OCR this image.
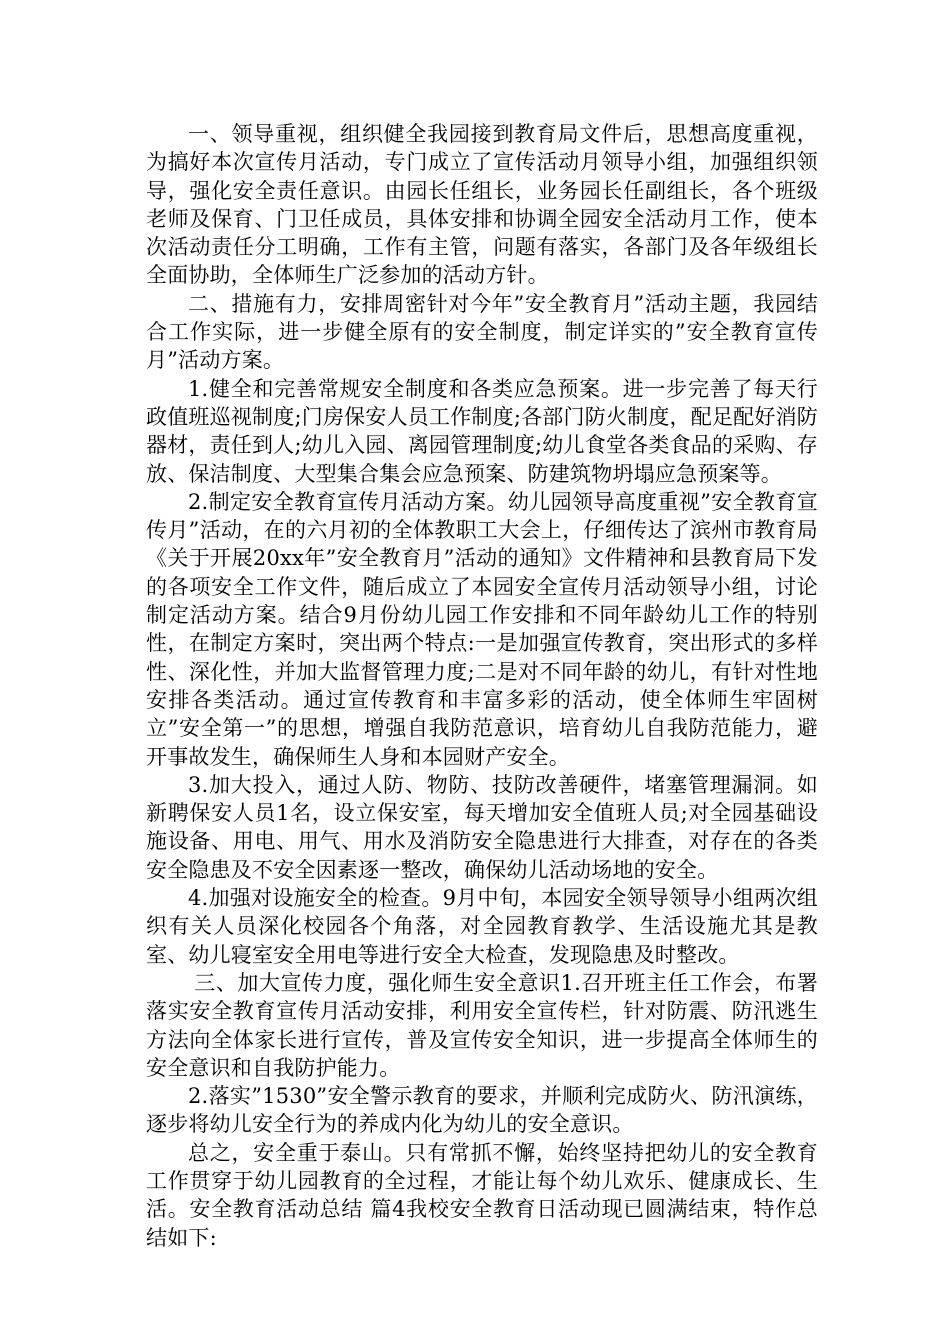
一、领导重视，组织健全我园接到教育局文件后，思想高度重视，为搞好本次宣传月活动，专门成立了宣传活动月领导小组，加强组织领导，强化安全责任意识。由园长任组长，业务园长任副组长，各个班级老师及保育、门卫任成员，具体安排和协调全园安全活动月工作，使本次活动责任分工明确，工作有主管，问题有落实，各部门及各年级组长全面协助，全体师生广泛参加的活动方针。

二、措施有力，安排周密针对今年”安全教育月”活动主题，我园结合工作实际，进一步健全原有的安全制度，制定详实的”安全教育宣传月”活动方案。

1.健全和完善常规安全制度和各类应急预案。进一步完善了每天行政值班巡视制度;门房保安人员工作制度;各部门防火制度，配足配好消防器材，责任到人;幼儿入园、离园管理制度;幼儿食堂各类食品的采购、存放、保洁制度、大型集合集会应急预案、防建筑物坍塌应急预案等。

2.制定安全教育宣传月活动方案。幼儿园领导高度重视”安全教育宣传月”活动，在的六月初的全体教职工大会上，仔细传达了滨州市教育局《关于开展20xx年”安全教育月”活动的通知》文件精神和县教育局下发的各项安全工作文件，随后成立了本园安全宣传月活动领导小组，讨论制定活动方案。结合9月份幼儿园工作安排和不同年龄幼儿工作的特别性，在制定方案时，突出两个特点:一是加强宣传教育，突出形式的多样性、深化性，并加大监督管理力度;二是对不同年龄的幼儿，有针对性地安排各类活动。通过宣传教育和丰富多彩的活动，使全体师生牢固树立”安全第一”的思想，增强自我防范意识，培育幼儿自我防范能力，避开事故发生，确保师生人身和本园财产安全。

3.加大投入，通过人防、物防、技防改善硬件，堵塞管理漏洞。如新聘保安人员1名，设立保安室，每天增加安全值班人员;对全园基础设施设备、用电、用气、用水及消防安全隐患进行大排查，对存在的各类安全隐患及不安全因素逐一整改，确保幼儿活动场地的安全。

4.加强对设施安全的检查。9月中旬，本园安全领导领导小组两次组织有关人员深化校园各个角落，对全园教育教学、生活设施尤其是教室、幼儿寝室安全用电等进行安全大检查，发现隐患及时整改。

三、加大宣传力度，强化师生安全意识1.召开班主任工作会，布署落实安全教育宣传月活动安排，利用安全宣传栏，针对防震、防汛逃生方法向全体家长进行宣传，普及宣传安全知识，进一步提高全体师生的安全意识和自我防护能力。

2.落实”1530”安全警示教育的要求，并顺利完成防火、防汛演练，逐步将幼儿安全行为的养成内化为幼儿的安全意识。

总之，安全重于泰山。只有常抓不懈，始终坚持把幼儿的安全教育工作贯穿于幼儿园教育的全过程，才能让每个幼儿欢乐、健康成长、生活。安全教育活动总结 篇4我校安全教育日活动现已圆满结束，特作总结如下:
